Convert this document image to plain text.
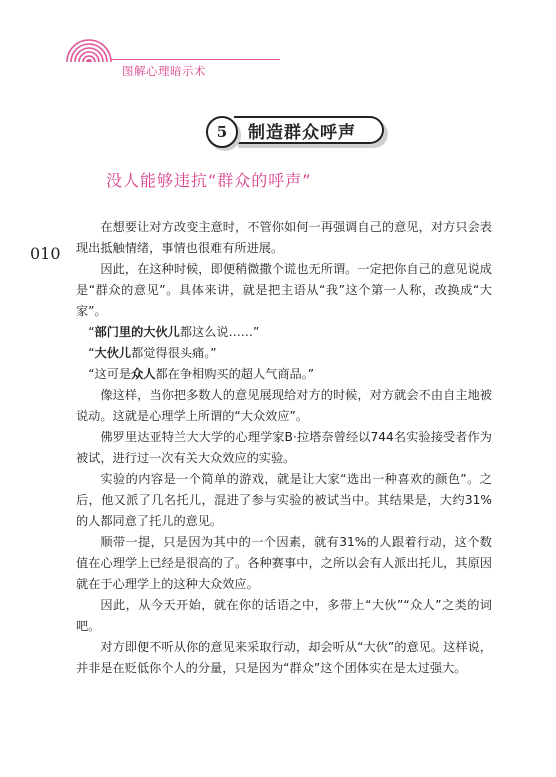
图解心理暗示术
制造群众呼声
5
没人能够违抗“群众的呼声”
010

在想要让对方改变主意时，不管你如何一再强调自己的意见，对方只会表现出抵触情绪，事情也很难有所进展。

因此，在这种时候，即便稍微撒个谎也无所谓。一定把你自己的意见说成是“群众的意见”。具体来讲，就是把主语从“我”这个第一人称，改换成“大家”。

“部门里的大伙儿都这么说……”

“大伙儿都觉得很头痛。”

“这可是众人都在争相购买的超人气商品。”

像这样，当你把多数人的意见展现给对方的时候，对方就会不由自主地被说动。这就是心理学上所谓的“大众效应”。

佛罗里达亚特兰大大学的心理学家B·拉塔奈曾经以744名实验接受者作为被试，进行过一次有关大众效应的实验。

实验的内容是一个简单的游戏，就是让大家“选出一种喜欢的颜色”。之后，他又派了几名托儿，混进了参与实验的被试当中。其结果是，大约31%的人都同意了托儿的意见。

顺带一提，只是因为其中的一个因素，就有31%的人跟着行动，这个数值在心理学上已经是很高的了。各种赛事中，之所以会有人派出托儿，其原因就在于心理学上的这种大众效应。

因此，从今天开始，就在你的话语之中，多带上“大伙”“众人”之类的词吧。

对方即便不听从你的意见来采取行动，却会听从“大伙”的意见。这样说，并非是在贬低你个人的分量，只是因为“群众”这个团体实在是太过强大。
